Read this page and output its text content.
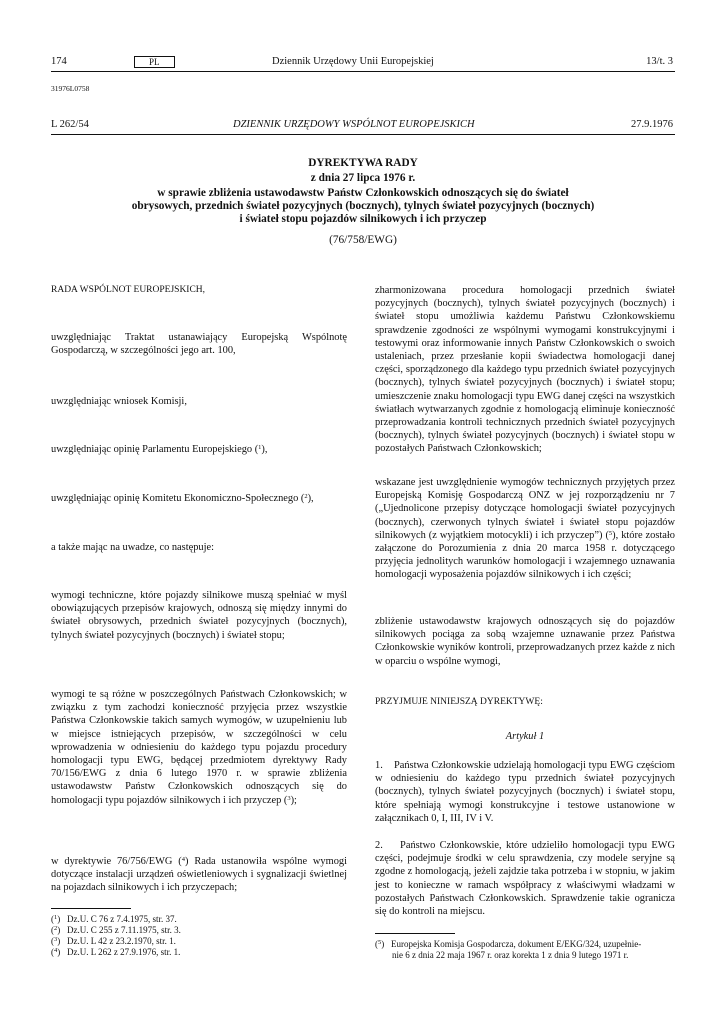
174	PL	Dziennik Urzędowy Unii Europejskiej	13/t. 3
31976L0758
L 262/54	DZIENNIK URZĘDOWY WSPÓLNOT EUROPEJSKICH	27.9.1976
DYREKTYWA RADY
z dnia 27 lipca 1976 r.
w sprawie zbliżenia ustawodawstw Państw Członkowskich odnoszących się do świateł
obrysowych, przednich świateł pozycyjnych (bocznych), tylnych świateł pozycyjnych (bocznych)
i świateł stopu pojazdów silnikowych i ich przyczep
(76/758/EWG)

RADA WSPÓLNOT EUROPEJSKICH,

uwzględniając Traktat ustanawiający Europejską Wspólnotę Gospodarczą, w szczególności jego art. 100,

uwzględniając wniosek Komisji,

uwzględniając opinię Parlamentu Europejskiego ($^1$),

uwzględniając opinię Komitetu Ekonomiczno-Społecznego ($^2$),

a także mając na uwadze, co następuje:

wymogi techniczne, które pojazdy silnikowe muszą spełniać w myśl obowiązujących przepisów krajowych, odnoszą się między innymi do świateł obrysowych, przednich świateł pozycyjnych (bocznych), tylnych świateł pozycyjnych (bocznych) i świateł stopu;

wymogi te są różne w poszczególnych Państwach Członkowskich; w związku z tym zachodzi konieczność przyjęcia przez wszystkie Państwa Członkowskie takich samych wymogów, w uzupełnieniu lub w miejsce istniejących przepisów, w szczególności w celu wprowadzenia w odniesieniu do każdego typu pojazdu procedury homologacji typu EWG, będącej przedmiotem dyrektywy Rady 70/156/EWG z dnia 6 lutego 1970 r. w sprawie zbliżenia ustawodawstw Państw Członkowskich odnoszących się do homologacji typu pojazdów silnikowych i ich przyczep ($^3$);

w dyrektywie 76/756/EWG ($^4$) Rada ustanowiła wspólne wymogi dotyczące instalacji urządzeń oświetleniowych i sygnalizacji świetlnej na pojazdach silnikowych i ich przyczepach;

($^1$)   Dz.U. C 76 z 7.4.1975, str. 37.
($^2$)   Dz.U. C 255 z 7.11.1975, str. 3.
($^3$)   Dz.U. L 42 z 23.2.1970, str. 1.
($^4$)   Dz.U. L 262 z 27.9.1976, str. 1.

zharmonizowana procedura homologacji przednich świateł pozycyjnych (bocznych), tylnych świateł pozycyjnych (bocznych) i świateł stopu umożliwia każdemu Państwu Członkowskiemu sprawdzenie zgodności ze wspólnymi wymogami konstrukcyjnymi i testowymi oraz informowanie innych Państw Członkowskich o swoich ustaleniach, przez przesłanie kopii świadectwa homologacji danej części, sporządzonego dla każdego typu przednich świateł pozycyjnych (bocznych), tylnych świateł pozycyjnych (bocznych) i świateł stopu; umieszczenie znaku homologacji typu EWG danej części na wszystkich światłach wytwarzanych zgodnie z homologacją eliminuje konieczność przeprowadzania kontroli technicznych przednich świateł pozycyjnych (bocznych), tylnych świateł pozycyjnych (bocznych) i świateł stopu w pozostałych Państwach Członkowskich;

wskazane jest uwzględnienie wymogów technicznych przyjętych przez Europejską Komisję Gospodarczą ONZ w jej rozporządzeniu nr 7 („Ujednolicone przepisy dotyczące homologacji świateł pozycyjnych (bocznych), czerwonych tylnych świateł i świateł stopu pojazdów silnikowych (z wyjątkiem motocykli) i ich przyczep”) ($^5$), które zostało załączone do Porozumienia z dnia 20 marca 1958 r. dotyczącego przyjęcia jednolitych warunków homologacji i wzajemnego uznawania homologacji wyposażenia pojazdów silnikowych i ich części;

zbliżenie ustawodawstw krajowych odnoszących się do pojazdów silnikowych pociąga za sobą wzajemne uznawanie przez Państwa Członkowskie wyników kontroli, przeprowadzanych przez każde z nich w oparciu o wspólne wymogi,

PRZYJMUJE NINIEJSZĄ DYREKTYWĘ:

Artykuł 1

1.    Państwa Członkowskie udzielają homologacji typu EWG częściom w odniesieniu do każdego typu przednich świateł pozycyjnych (bocznych), tylnych świateł pozycyjnych (bocznych) i świateł stopu, które spełniają wymogi konstrukcyjne i testowe ustanowione w załącznikach 0, I, III, IV i V.

2.    Państwo Członkowskie, które udzieliło homologacji typu EWG części, podejmuje środki w celu sprawdzenia, czy modele seryjne są zgodne z homologacją, jeżeli zajdzie taka potrzeba i w stopniu, w jakim jest to konieczne w ramach współpracy z właściwymi władzami w pozostałych Państwach Członkowskich. Sprawdzenie takie ogranicza się do kontroli na miejscu.

($^5$)   Europejska Komisja Gospodarcza, dokument E/EKG/324, uzupełnie-
nie 6 z dnia 22 maja 1967 r. oraz korekta 1 z dnia 9 lutego 1971 r.
